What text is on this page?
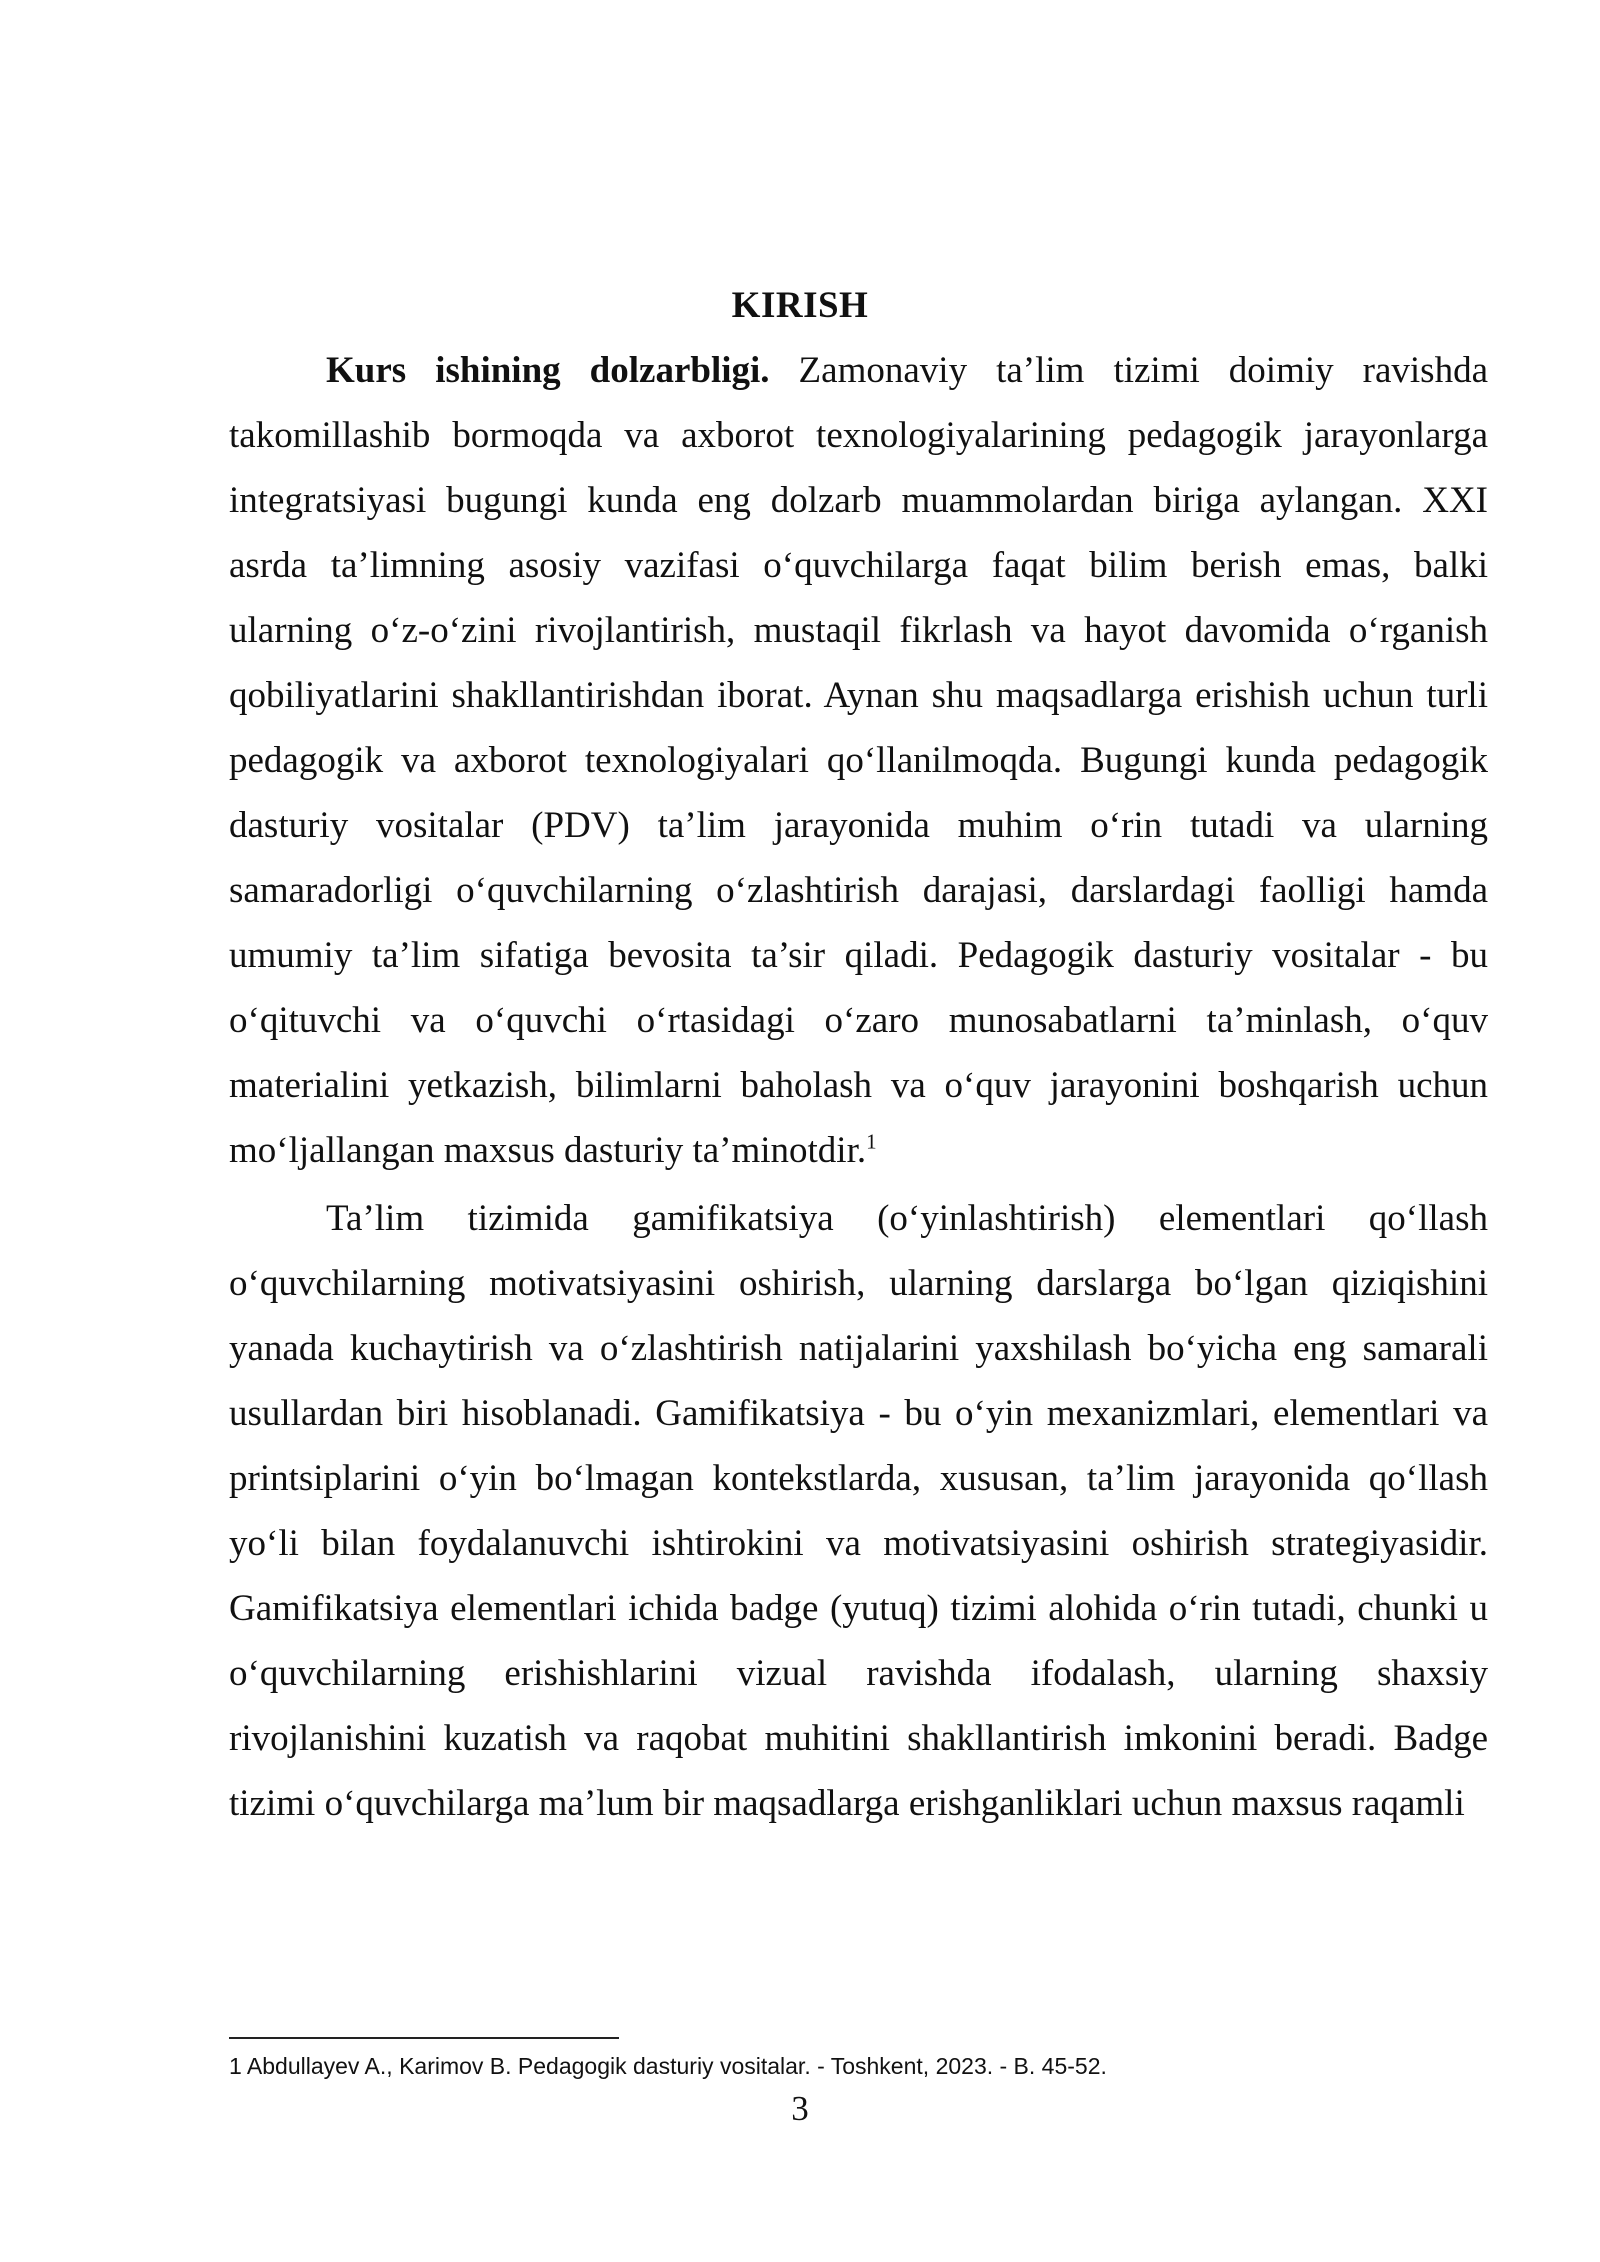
KIRISH
Kurs ishining dolzarbligi. Zamonaviy ta’lim tizimi doimiy ravishda takomillashib bormoqda va axborot texnologiyalarining pedagogik jarayonlarga integratsiyasi bugungi kunda eng dolzarb muammolardan biriga aylangan. XXI asrda ta’limning asosiy vazifasi o‘quvchilarga faqat bilim berish emas, balki ularning o‘z-o‘zini rivojlantirish, mustaqil fikrlash va hayot davomida o‘rganish qobiliyatlarini shakllantirishdan iborat. Aynan shu maqsadlarga erishish uchun turli pedagogik va axborot texnologiyalari qo‘llanilmoqda. Bugungi kunda pedagogik dasturiy vositalar (PDV) ta’lim jarayonida muhim o‘rin tutadi va ularning samaradorligi o‘quvchilarning o‘zlashtirish darajasi, darslardagi faolligi hamda umumiy ta’lim sifatiga bevosita ta’sir qiladi. Pedagogik dasturiy vositalar - bu o‘qituvchi va o‘quvchi o‘rtasidagi o‘zaro munosabatlarni ta’minlash, o‘quv materialini yetkazish, bilimlarni baholash va o‘quv jarayonini boshqarish uchun mo‘ljallangan maxsus dasturiy ta’minotdir.$^1$
Ta’lim tizimida gamifikatsiya (o‘yinlashtirish) elementlari qo‘llash o‘quvchilarning motivatsiyasini oshirish, ularning darslarga bo‘lgan qiziqishini yanada kuchaytirish va o‘zlashtirish natijalarini yaxshilash bo‘yicha eng samarali usullardan biri hisoblanadi. Gamifikatsiya - bu o‘yin mexanizmlari, elementlari va printsiplarini o‘yin bo‘lmagan kontekstlarda, xususan, ta’lim jarayonida qo‘llash yo‘li bilan foydalanuvchi ishtirokini va motivatsiyasini oshirish strategiyasidir. Gamifikatsiya elementlari ichida badge (yutuq) tizimi alohida o‘rin tutadi, chunki u o‘quvchilarning erishishlarini vizual ravishda ifodalash, ularning shaxsiy rivojlanishini kuzatish va raqobat muhitini shakllantirish imkonini beradi. Badge tizimi o‘quvchilarga ma’lum bir maqsadlarga erishganliklari uchun maxsus raqamli
1 Abdullayev A., Karimov B. Pedagogik dasturiy vositalar. - Toshkent, 2023. - B. 45-52.
3
